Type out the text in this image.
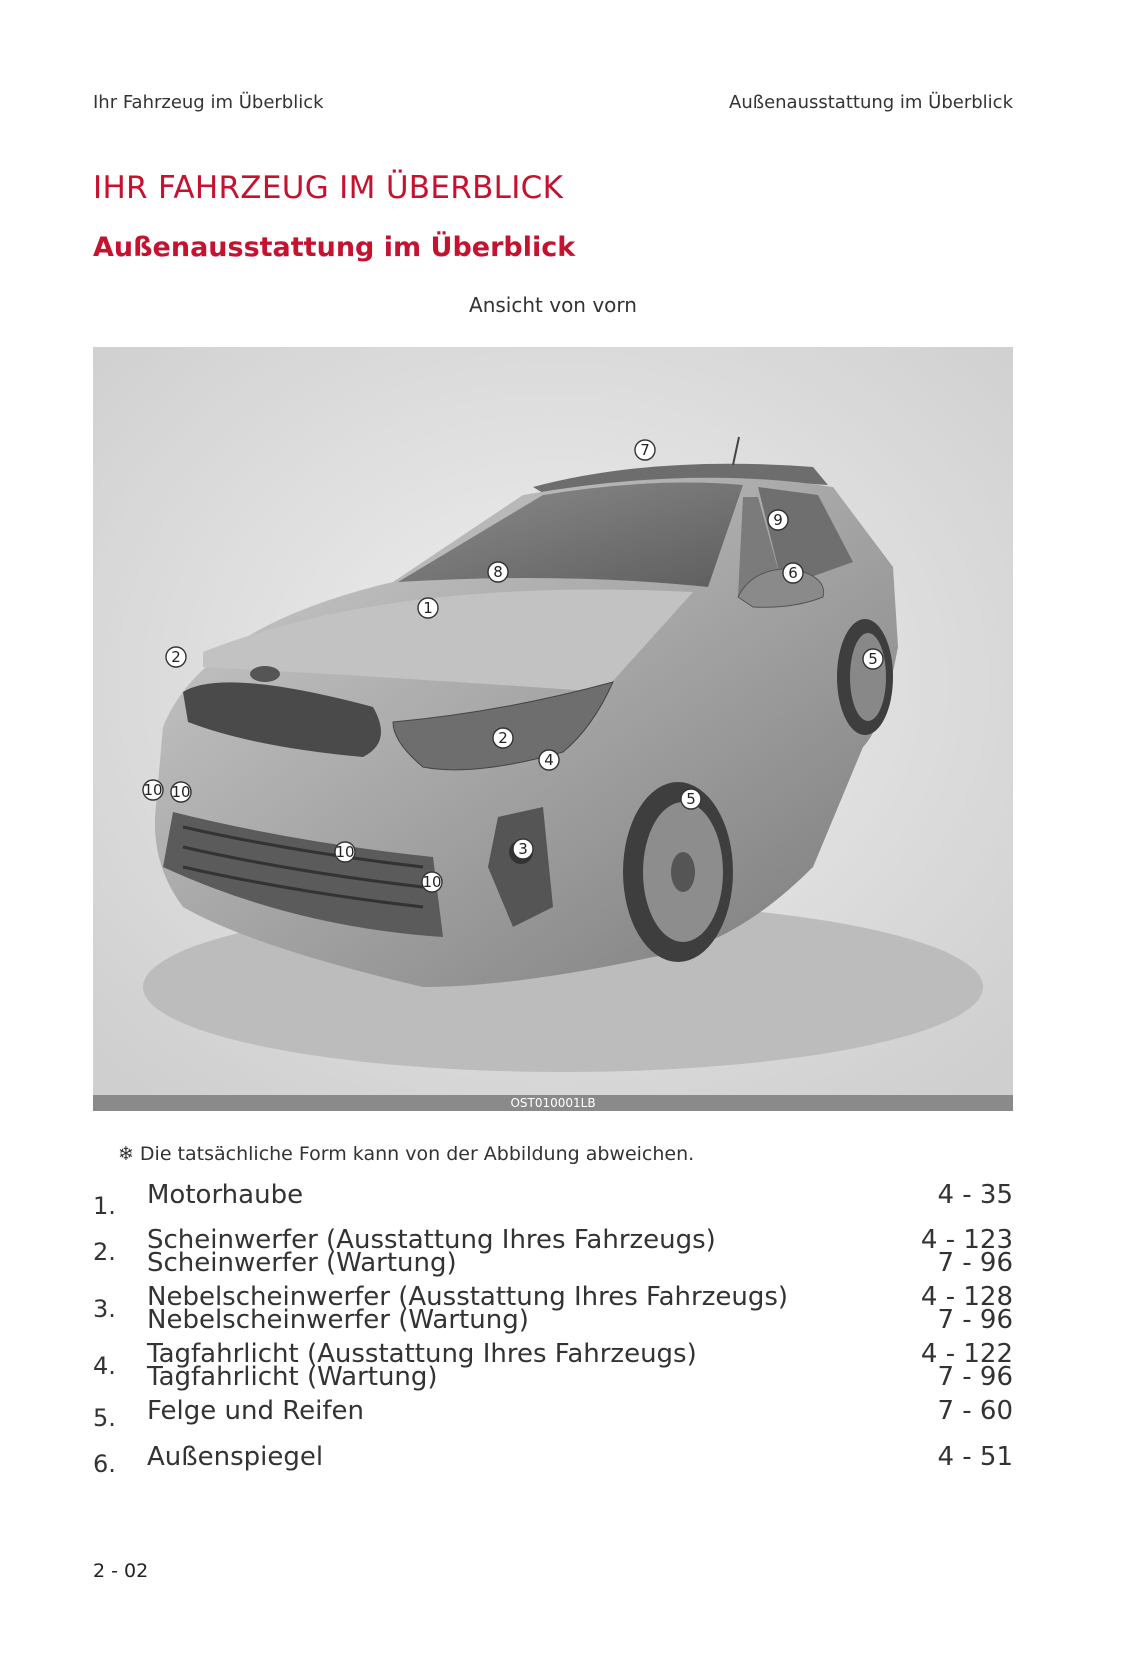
Ihr Fahrzeug im Überblick	Außenausstattung im Überblick
IHR FAHRZEUG IM ÜBERBLICK
Außenausstattung im Überblick
Ansicht von vorn
7
9
8	6
1
2	5
2
4
10 10	5
3
10
10
OST010001LB
❄ Die tatsächliche Form kann von der Abbildung abweichen.
1. Motorhaube	4 - 35
2. Scheinwerfer (Ausstattung Ihres Fahrzeugs)	4 - 123
Scheinwerfer (Wartung)	7 - 96
3. Nebelscheinwerfer (Ausstattung Ihres Fahrzeugs)	4 - 128
Nebelscheinwerfer (Wartung)	7 - 96
4. Tagfahrlicht (Ausstattung Ihres Fahrzeugs)	4 - 122
Tagfahrlicht (Wartung)	7 - 96
5. Felge und Reifen	7 - 60
6. Außenspiegel	4 - 51
2 - 02
